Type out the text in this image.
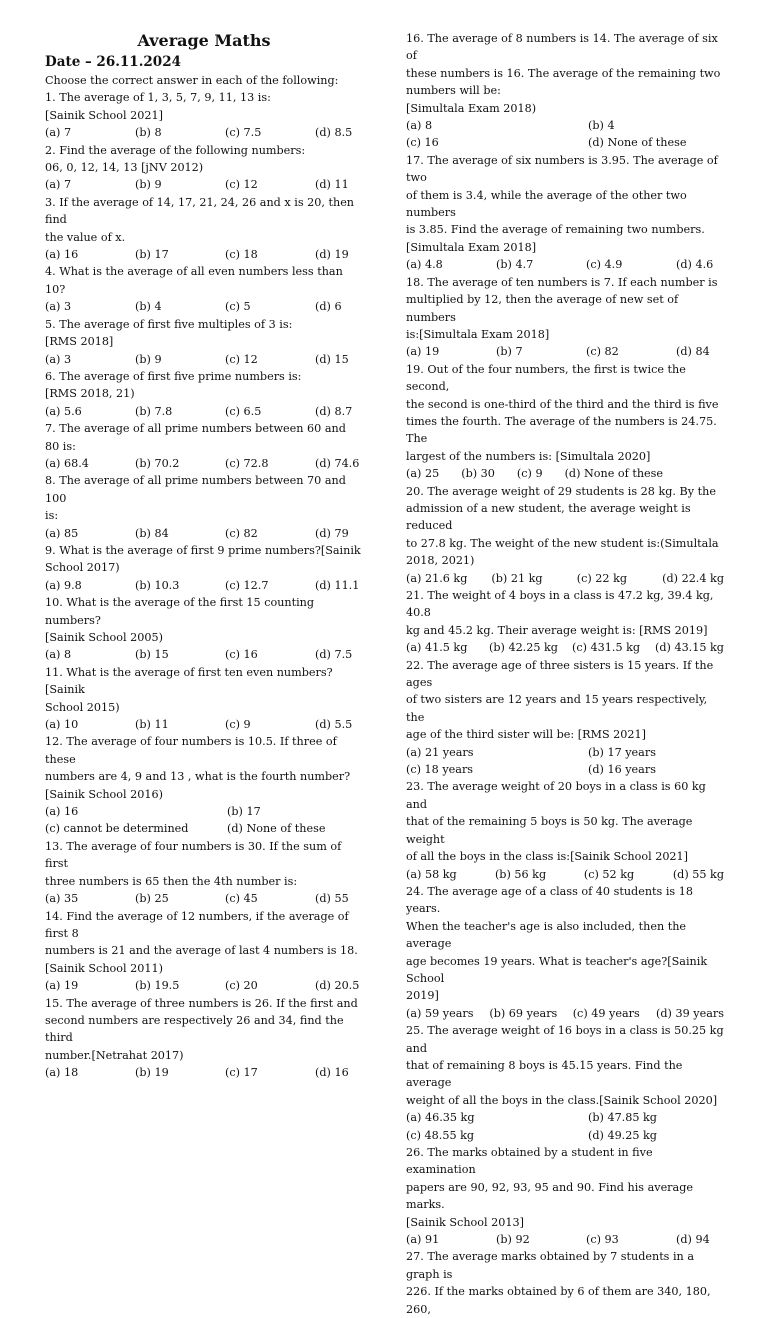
Average Maths
Date – 26.11.2024
Choose the correct answer in each of the following:
1. The average of 1, 3, 5, 7, 9, 11, 13 is:
[Sainik School 2021]
(a) 7	(b) 8	(c) 7.5	(d) 8.5
2. Find the average of the following numbers:
06, 0, 12, 14, 13 [jNV 2012)
(a) 7	(b) 9	(c) 12	(d) 11
3. If the average of 14, 17, 21, 24, 26 and x is 20, then find
the value of x.
(a) 16	(b) 17	(c) 18	(d) 19
4. What is the average of all even numbers less than 10?
(a) 3	(b) 4	(c) 5	(d) 6
5. The average of first five multiples of 3 is:
[RMS 2018]
(a) 3	(b) 9	(c) 12	(d) 15
6. The average of first five prime numbers is:
[RMS 2018, 21)
(a) 5.6	(b) 7.8	(c) 6.5	(d) 8.7
7. The average of all prime numbers between 60 and 80 is:
(a) 68.4	(b) 70.2	(c) 72.8	(d) 74.6
8. The average of all prime numbers between 70 and 100
is:
(a) 85	(b) 84	(c) 82	(d) 79
9. What is the average of first 9 prime numbers?[Sainik
School 2017)
(a) 9.8	(b) 10.3	(c) 12.7	(d) 11.1
10. What is the average of the first 15 counting numbers?
[Sainik School 2005)
(a) 8	(b) 15	(c) 16	(d) 7.5
11. What is the average of first ten even numbers?[Sainik
School 2015)
(a) 10	(b) 11	(c) 9	(d) 5.5
12. The average of four numbers is 10.5. If three of these
numbers are 4, 9 and 13 , what is the fourth number?
[Sainik School 2016)
(a) 16	(b) 17
(c) cannot be determined	(d) None of these
13. The average of four numbers is 30. If the sum of first
three numbers is 65 then the 4th number is:
(a) 35	(b) 25	(c) 45	(d) 55
14. Find the average of 12 numbers, if the average of first 8
numbers is 21 and the average of last 4 numbers is 18.
[Sainik School 2011)
(a) 19	(b) 19.5	(c) 20	(d) 20.5
15. The average of three numbers is 26. If the first and
second numbers are respectively 26 and 34, find the third
number.[Netrahat 2017)
(a) 18	(b) 19	(c) 17	(d) 16
16. The average of 8 numbers is 14. The average of six of
these numbers is 16. The average of the remaining two
numbers will be:
[Simultala Exam 2018)
(a) 8	(b) 4
(c) 16	(d) None of these
17. The average of six numbers is 3.95. The average of two
of them is 3.4, while the average of the other two numbers
is 3.85. Find the average of remaining two numbers.
[Simultala Exam 2018]
(a) 4.8	(b) 4.7	(c) 4.9	(d) 4.6
18. The average of ten numbers is 7. If each number is
multiplied by 12, then the average of new set of numbers
is:[Simultala Exam 2018]
(a) 19	(b) 7	(c) 82	(d) 84
19. Out of the four numbers, the first is twice the second,
the second is one-third of the third and the third is five
times the fourth. The average of the numbers is 24.75. The
largest of the numbers is: [Simultala 2020]
(a) 25 (b) 30 (c) 9 (d) None of these
20. The average weight of 29 students is 28 kg. By the
admission of a new student, the average weight is reduced
to 27.8 kg. The weight of the new student is:(Simultala
2018, 2021)
(a) 21.6 kg	(b) 21 kg	(c) 22 kg	(d) 22.4 kg
21. The weight of 4 boys in a class is 47.2 kg, 39.4 kg, 40.8
kg and 45.2 kg. Their average weight is: [RMS 2019]
(a) 41.5 kg	(b) 42.25 kg	(c) 431.5 kg	(d) 43.15 kg
22. The average age of three sisters is 15 years. If the ages
of two sisters are 12 years and 15 years respectively, the
age of the third sister will be: [RMS 2021]
(a) 21 years	(b) 17 years
(c) 18 years	(d) 16 years
23. The average weight of 20 boys in a class is 60 kg and
that of the remaining 5 boys is 50 kg. The average weight
of all the boys in the class is:[Sainik School 2021]
(a) 58 kg	(b) 56 kg	(c) 52 kg	(d) 55 kg
24. The average age of a class of 40 students is 18 years.
When the teacher's age is also included, then the average
age becomes 19 years. What is teacher's age?[Sainik School
2019]
(a) 59 years	(b) 69 years	(c) 49 years	(d) 39 years
25. The average weight of 16 boys in a class is 50.25 kg and
that of remaining 8 boys is 45.15 years. Find the average
weight of all the boys in the class.[Sainik School 2020]
(a) 46.35 kg	(b) 47.85 kg
(c) 48.55 kg	(d) 49.25 kg
26. The marks obtained by a student in five examination
papers are 90, 92, 93, 95 and 90. Find his average marks.
[Sainik School 2013]
(a) 91	(b) 92	(c) 93	(d) 94
27. The average marks obtained by 7 students in a graph is
226. If the marks obtained by 6 of them are 340, 180, 260,
